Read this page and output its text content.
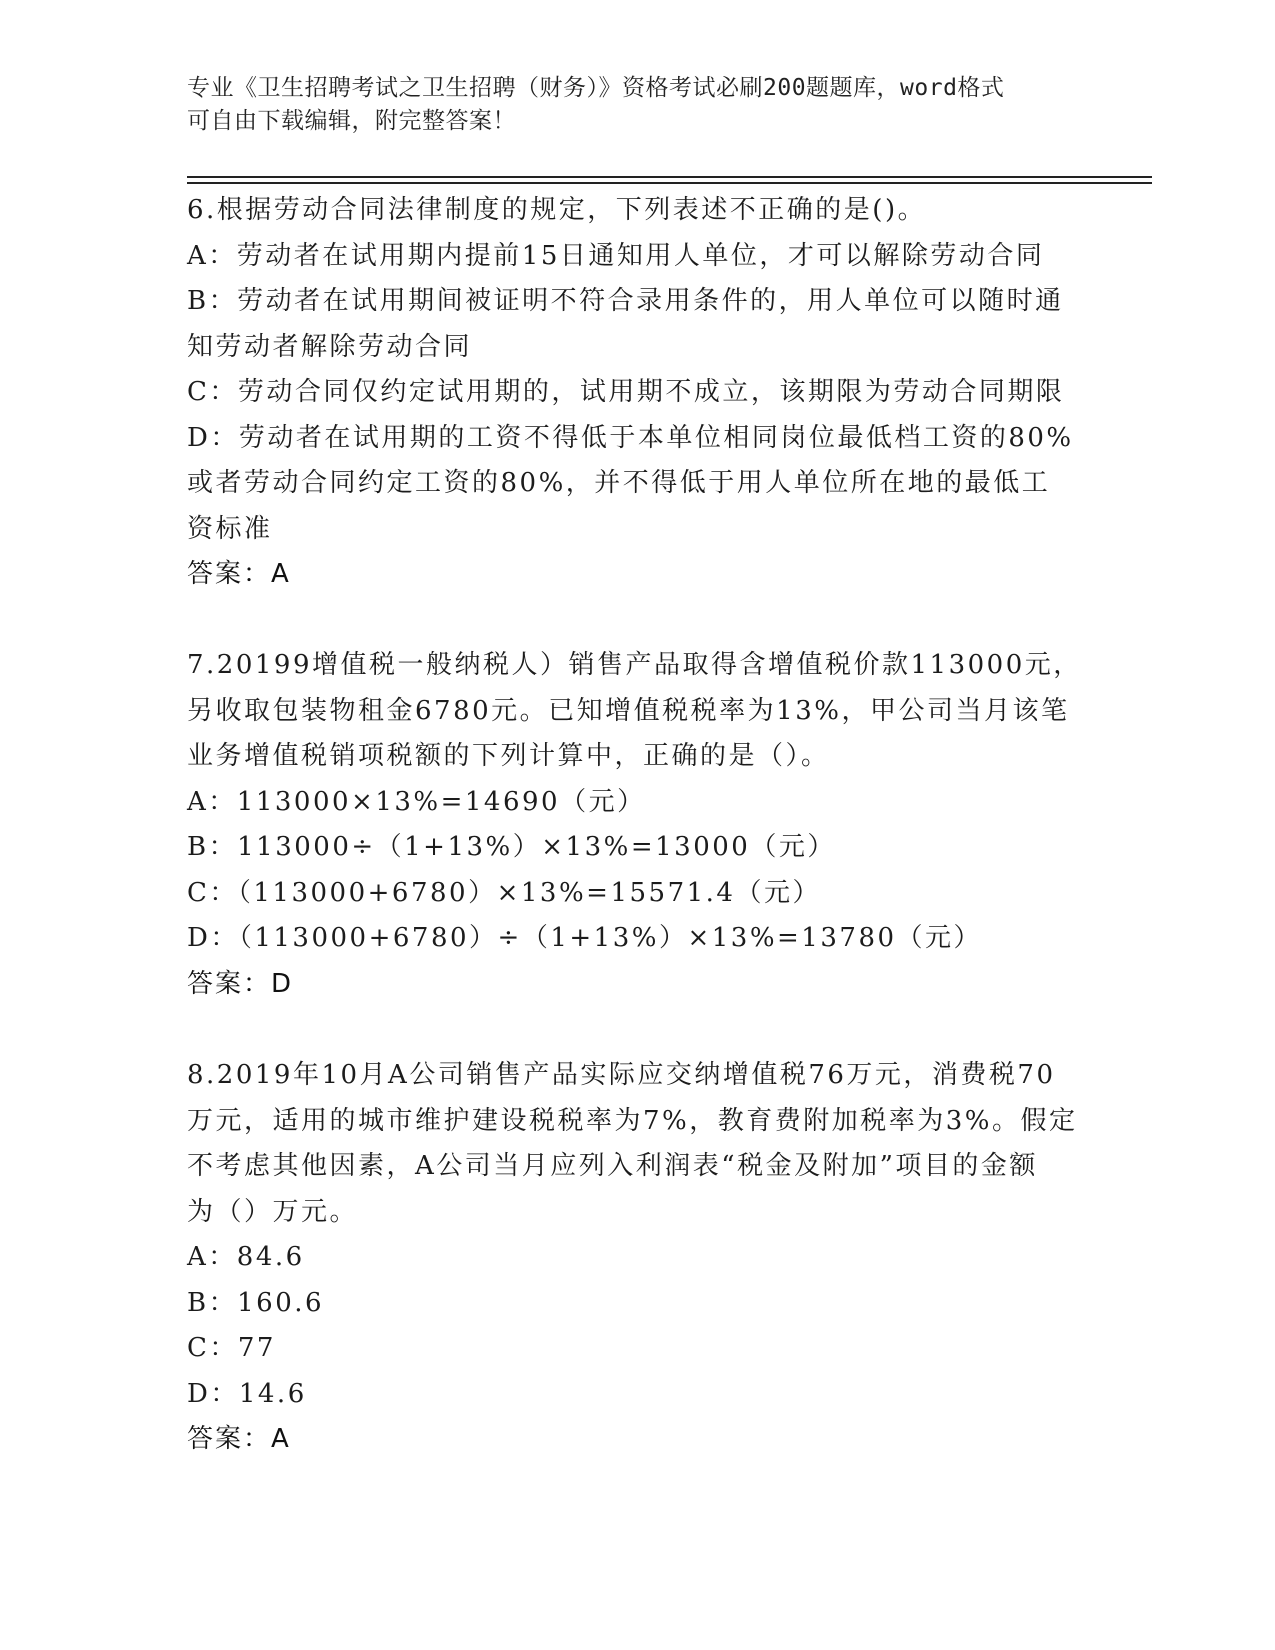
专业《卫生招聘考试之卫生招聘（财务）》资格考试必刷200题题库，word格式
可自由下载编辑，附完整答案！

6.根据劳动合同法律制度的规定，下列表述不正确的是()。

A：劳动者在试用期内提前15日通知用人单位，才可以解除劳动合同

B：劳动者在试用期间被证明不符合录用条件的，用人单位可以随时通

知劳动者解除劳动合同

C：劳动合同仅约定试用期的，试用期不成立，该期限为劳动合同期限

D：劳动者在试用期的工资不得低于本单位相同岗位最低档工资的80%

或者劳动合同约定工资的80%，并不得低于用人单位所在地的最低工

资标准

答案：A

7.20199增值税一般纳税人）销售产品取得含增值税价款113000元，

另收取包装物租金6780元。已知增值税税率为13%，甲公司当月该笔

业务增值税销项税额的下列计算中，正确的是（）。

A：113000×13%=14690（元）

B：113000÷（1+13%）×13%=13000（元）

C：（113000+6780）×13%=15571.4（元）

D：（113000+6780）÷（1+13%）×13%=13780（元）

答案：D

8.2019年10月A公司销售产品实际应交纳增值税76万元，消费税70

万元，适用的城市维护建设税税率为7%，教育费附加税率为3%。假定

不考虑其他因素，A公司当月应列入利润表“税金及附加”项目的金额

为（）万元。

A：84.6

B：160.6

C：77

D：14.6

答案：A
